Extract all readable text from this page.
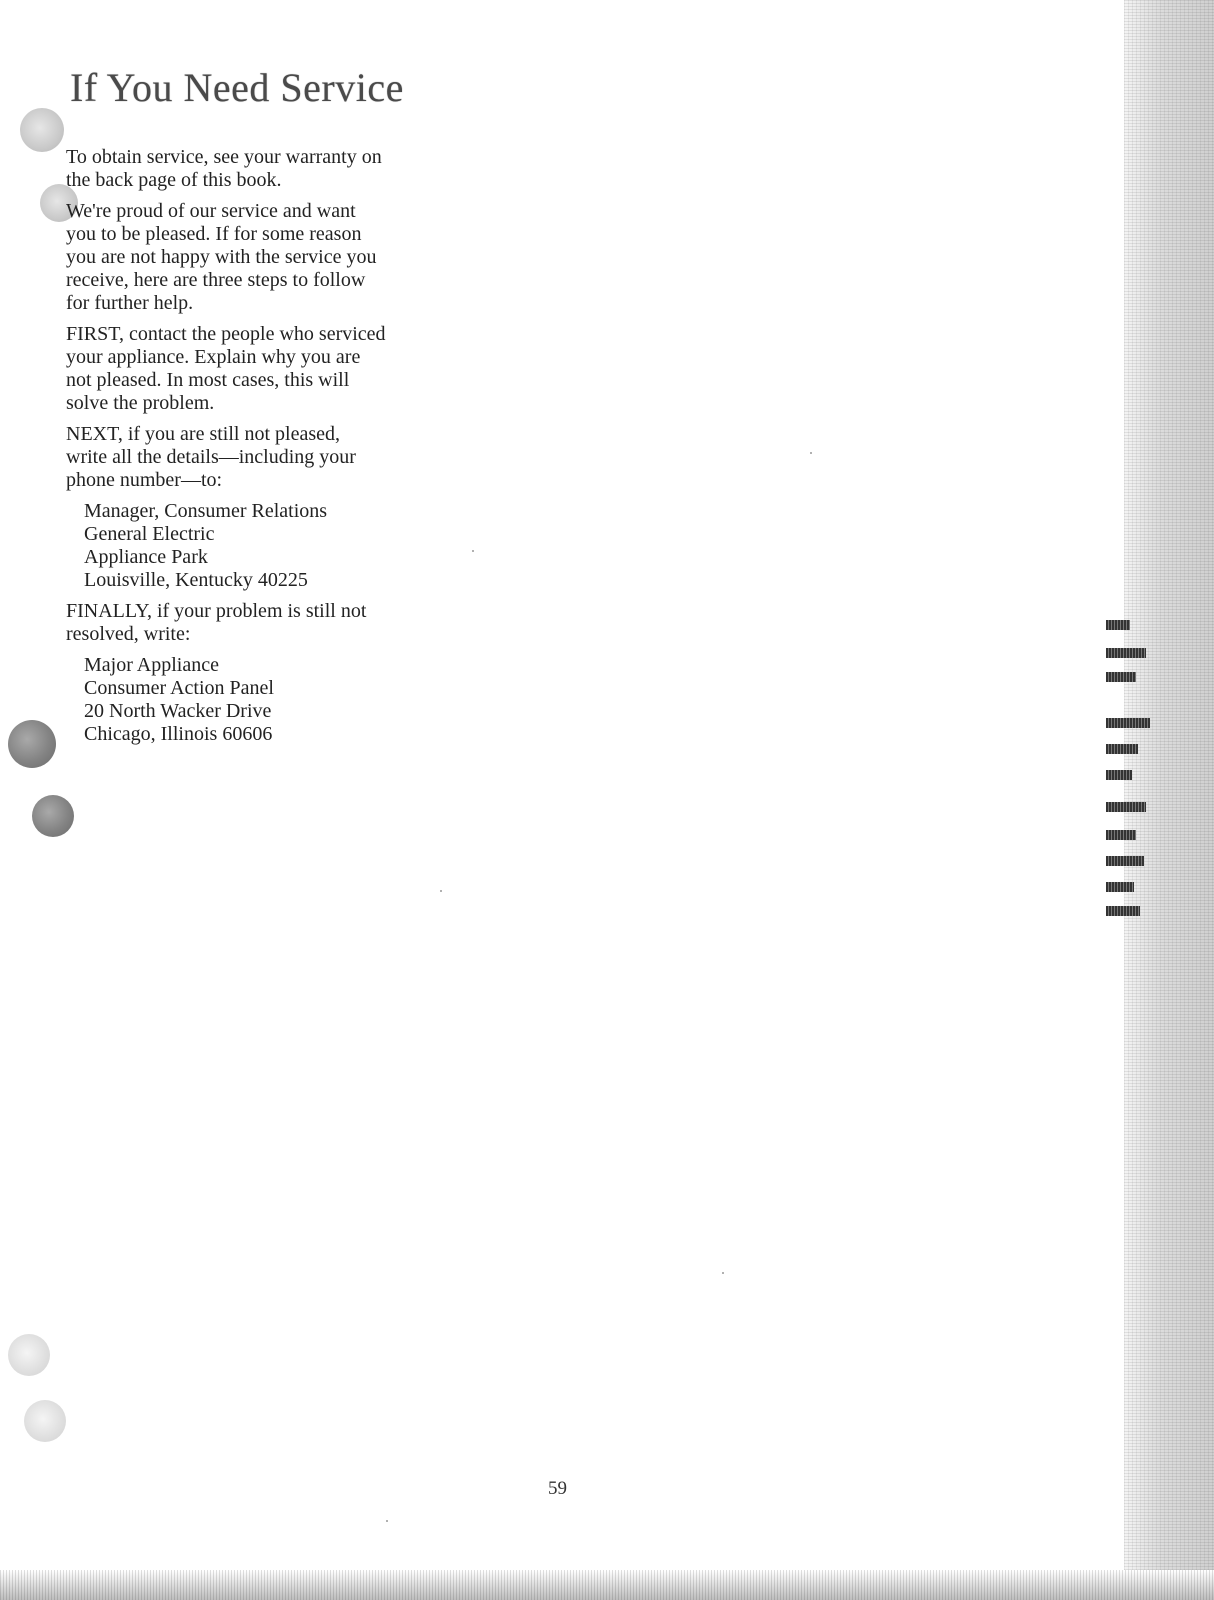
If You Need Service

To obtain service, see your warranty on the back page of this book.

We're proud of our service and want you to be pleased. If for some reason you are not happy with the service you receive, here are three steps to follow for further help.

FIRST, contact the people who serviced your appliance. Explain why you are not pleased. In most cases, this will solve the problem.

NEXT, if you are still not pleased, write all the details—including your phone number—to:

Manager, Consumer Relations
General Electric
Appliance Park
Louisville, Kentucky 40225

FINALLY, if your problem is still not resolved, write:

Major Appliance
Consumer Action Panel
20 North Wacker Drive
Chicago, Illinois 60606
59
